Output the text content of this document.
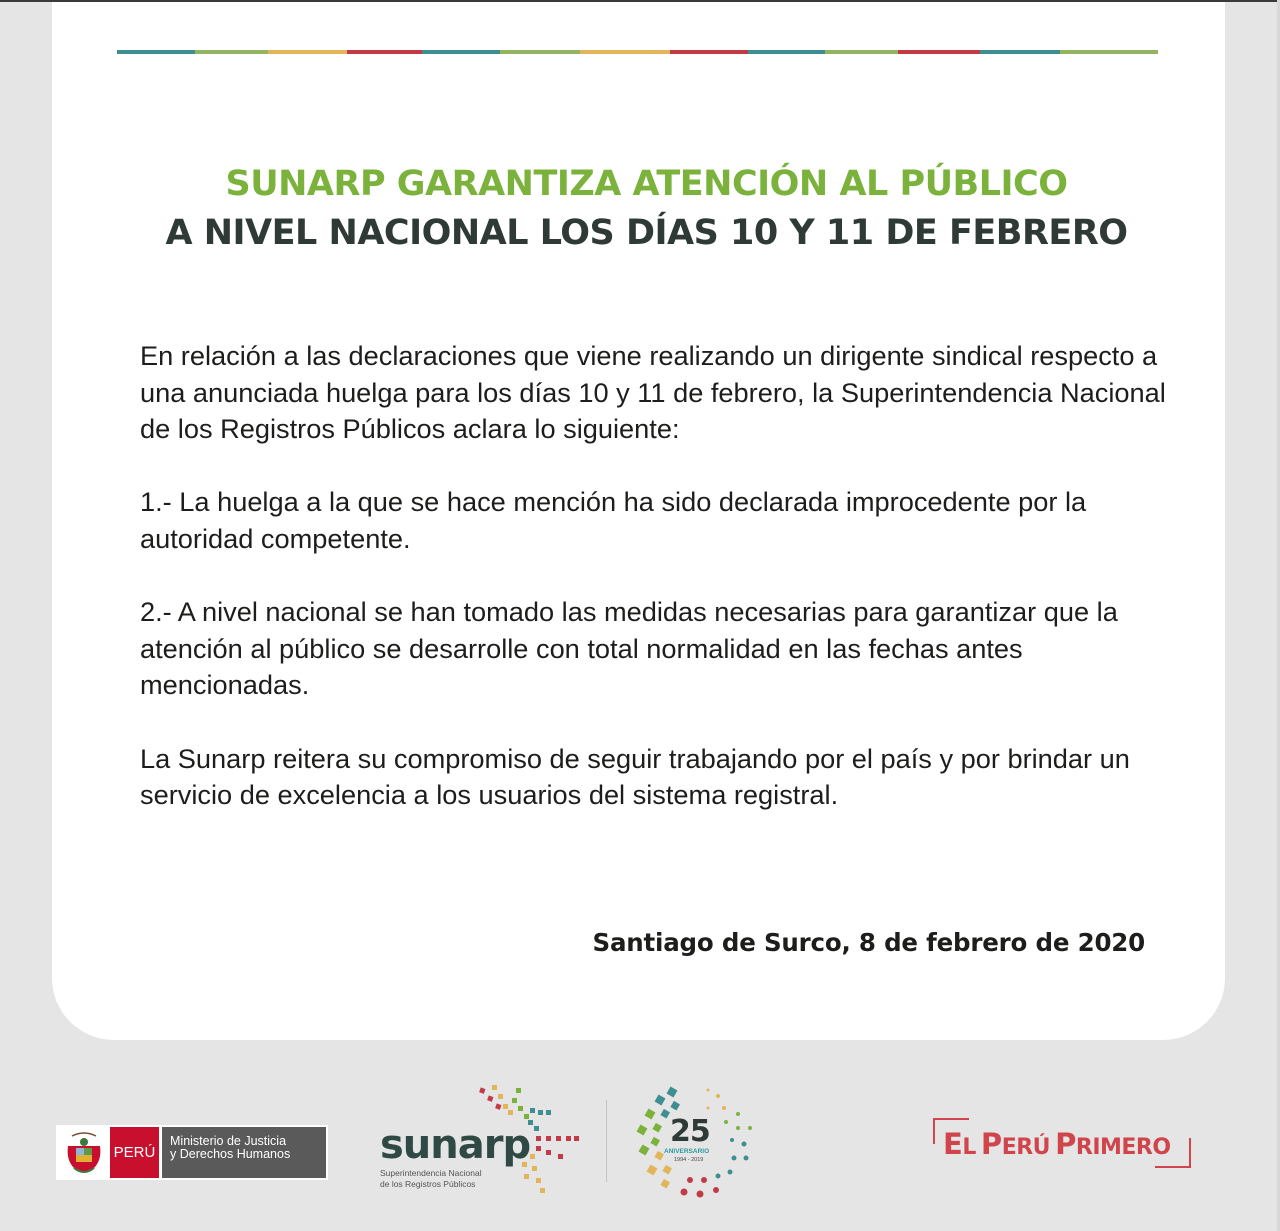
SUNARP GARANTIZA ATENCIÓN AL PÚBLICO
A NIVEL NACIONAL LOS DÍAS 10 Y 11 DE FEBRERO

En relación a las declaraciones que viene realizando un dirigente sindical respecto a una anunciada huelga para los días 10 y 11 de febrero, la Superintendencia Nacional de los Registros Públicos aclara lo siguiente:

1.- La huelga a la que se hace mención ha sido declarada improcedente por la autoridad competente.

2.- A nivel nacional se han tomado las medidas necesarias para garantizar que la atención al público se desarrolle con total normalidad en las fechas antes mencionadas.

La Sunarp reitera su compromiso de seguir trabajando por el país y por brindar un servicio de excelencia a los usuarios del sistema registral.

Santiago de Surco, 8 de febrero de 2020
PERÚ
Ministerio de Justicia
y Derechos Humanos	sunarp
Superintendencia Nacional
de los Registros Públicos
25
ANIVERSARIO
1994 - 2019	EL PERÚ PRIMERO
